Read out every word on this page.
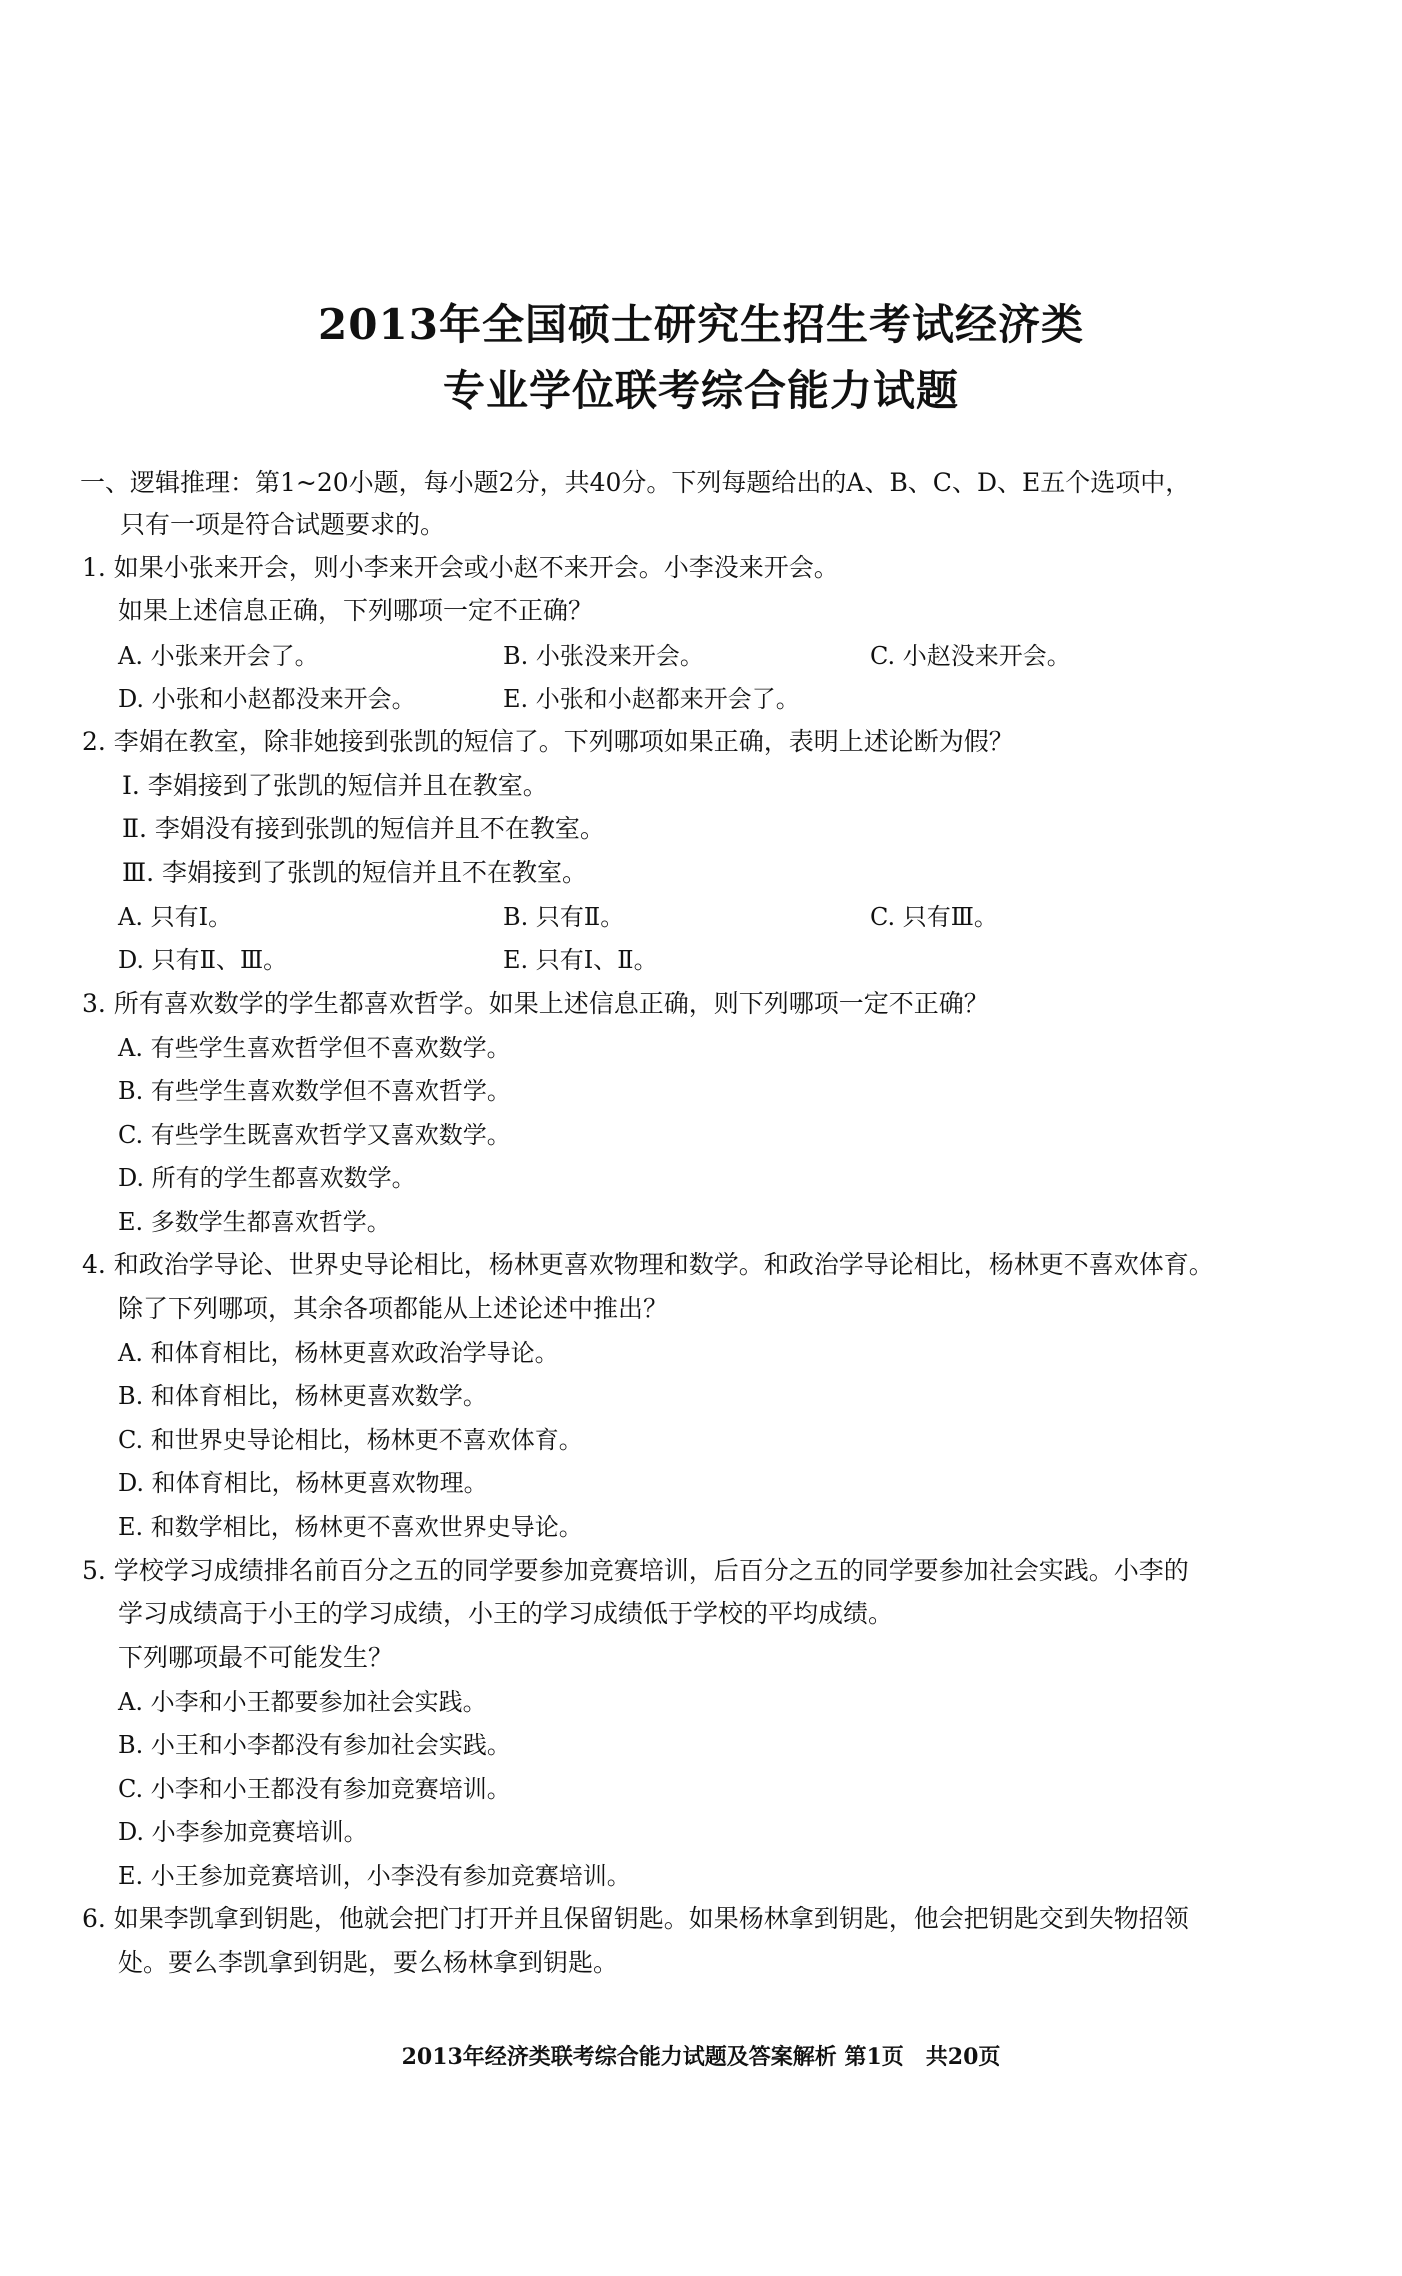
2013年全国硕士研究生招生考试经济类
专业学位联考综合能力试题
一、逻辑推理：第1~20小题，每小题2分，共40分。下列每题给出的A、B、C、D、E五个选项中，
只有一项是符合试题要求的。
1. 如果小张来开会，则小李来开会或小赵不来开会。小李没来开会。
如果上述信息正确，下列哪项一定不正确？
A. 小张来开会了。	B. 小张没来开会。	C. 小赵没来开会。
D. 小张和小赵都没来开会。	E. 小张和小赵都来开会了。
2. 李娟在教室，除非她接到张凯的短信了。下列哪项如果正确，表明上述论断为假？
Ⅰ. 李娟接到了张凯的短信并且在教室。
Ⅱ. 李娟没有接到张凯的短信并且不在教室。
Ⅲ. 李娟接到了张凯的短信并且不在教室。
A. 只有Ⅰ。	B. 只有Ⅱ。	C. 只有Ⅲ。
D. 只有Ⅱ、Ⅲ。	E. 只有Ⅰ、Ⅱ。
3. 所有喜欢数学的学生都喜欢哲学。如果上述信息正确，则下列哪项一定不正确？
A. 有些学生喜欢哲学但不喜欢数学。
B. 有些学生喜欢数学但不喜欢哲学。
C. 有些学生既喜欢哲学又喜欢数学。
D. 所有的学生都喜欢数学。
E. 多数学生都喜欢哲学。
4. 和政治学导论、世界史导论相比，杨林更喜欢物理和数学。和政治学导论相比，杨林更不喜欢体育。
除了下列哪项，其余各项都能从上述论述中推出？
A. 和体育相比，杨林更喜欢政治学导论。
B. 和体育相比，杨林更喜欢数学。
C. 和世界史导论相比，杨林更不喜欢体育。
D. 和体育相比，杨林更喜欢物理。
E. 和数学相比，杨林更不喜欢世界史导论。
5. 学校学习成绩排名前百分之五的同学要参加竞赛培训，后百分之五的同学要参加社会实践。小李的
学习成绩高于小王的学习成绩，小王的学习成绩低于学校的平均成绩。
下列哪项最不可能发生？
A. 小李和小王都要参加社会实践。
B. 小王和小李都没有参加社会实践。
C. 小李和小王都没有参加竞赛培训。
D. 小李参加竞赛培训。
E. 小王参加竞赛培训，小李没有参加竞赛培训。
6. 如果李凯拿到钥匙，他就会把门打开并且保留钥匙。如果杨林拿到钥匙，他会把钥匙交到失物招领
处。要么李凯拿到钥匙，要么杨林拿到钥匙。
2013年经济类联考综合能力试题及答案解析 第1页　共20页
